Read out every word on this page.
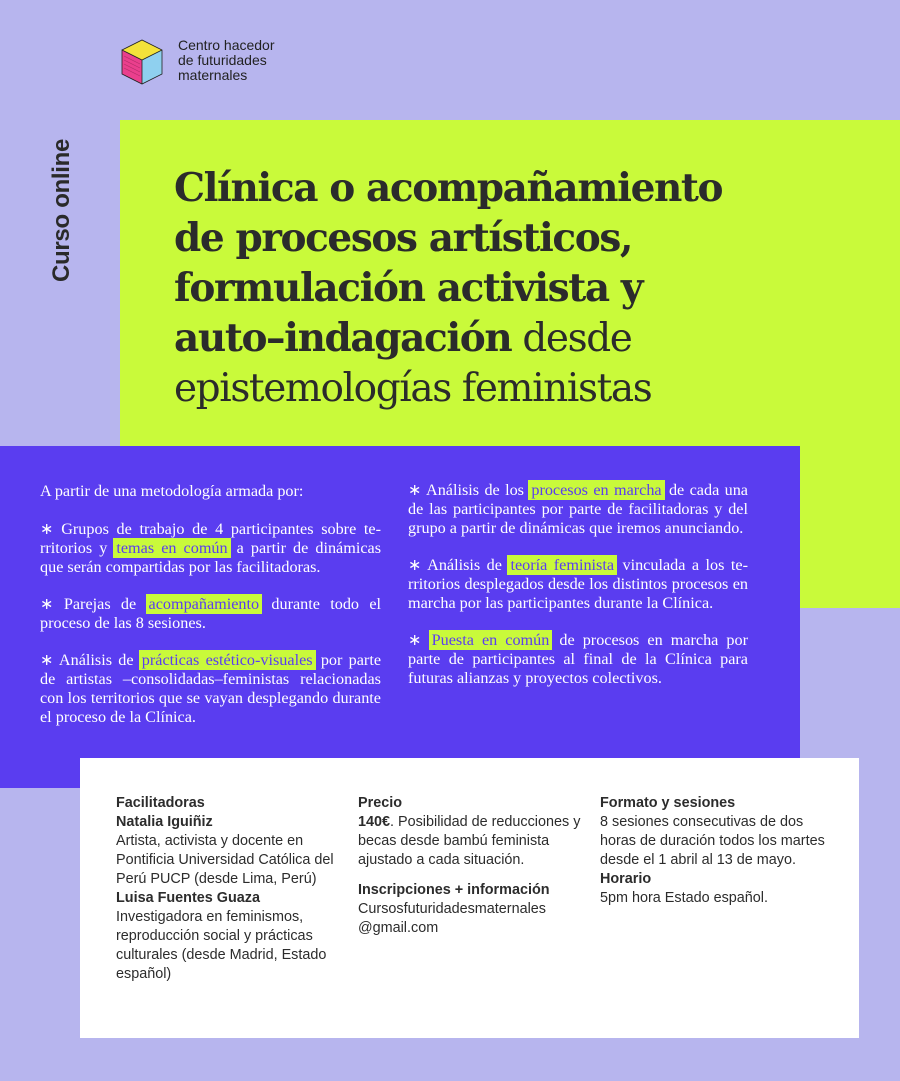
Centro hacedor
de futuridades
maternales
Curso online	Clínica o acompañamiento
de procesos artísticos,
formulación activista y
auto–indagación desde
epistemologías feministas

A partir de una metodología armada por:

∗ Grupos de trabajo de 4 participantes sobre territorios y temas en común a partir de dinámicas que serán compartidas por las facilitadoras.

∗ Parejas de acompañamiento durante todo el proceso de las 8 sesiones.

∗ Análisis de prácticas estético-visuales por parte de artistas –consolidadas–feministas relacionadas con los territorios que se vayan desplegando durante el proceso de la Clínica.

∗ Análisis de los procesos en marcha de cada una de las participantes por parte de facilitadoras y del grupo a partir de dinámicas que iremos anunciando.

∗ Análisis de teoría feminista vinculada a los territorios desplegados desde los distintos procesos en marcha por las participantes durante la Clínica.

∗ Puesta en común de procesos en marcha por parte de participantes al final de la Clínica para futuras alianzas y proyectos colectivos.

Facilitadoras
Natalia Iguiñiz
Artista, activista y docente en Pontificia Universidad Católica del Perú PUCP (desde Lima, Perú)
Luisa Fuentes Guaza
Investigadora en feminismos, reproducción social y prácticas culturales (desde Madrid, Estado español)
Precio
140€. Posibilidad de reducciones y becas desde bambú feminista ajustado a cada situación.
Inscripciones + información
Cursosfuturidadesmaternales @gmail.com
Formato y sesiones
8 sesiones consecutivas de dos horas de duración todos los martes desde el 1 abril al 13 de mayo.
Horario
5pm hora Estado español.
